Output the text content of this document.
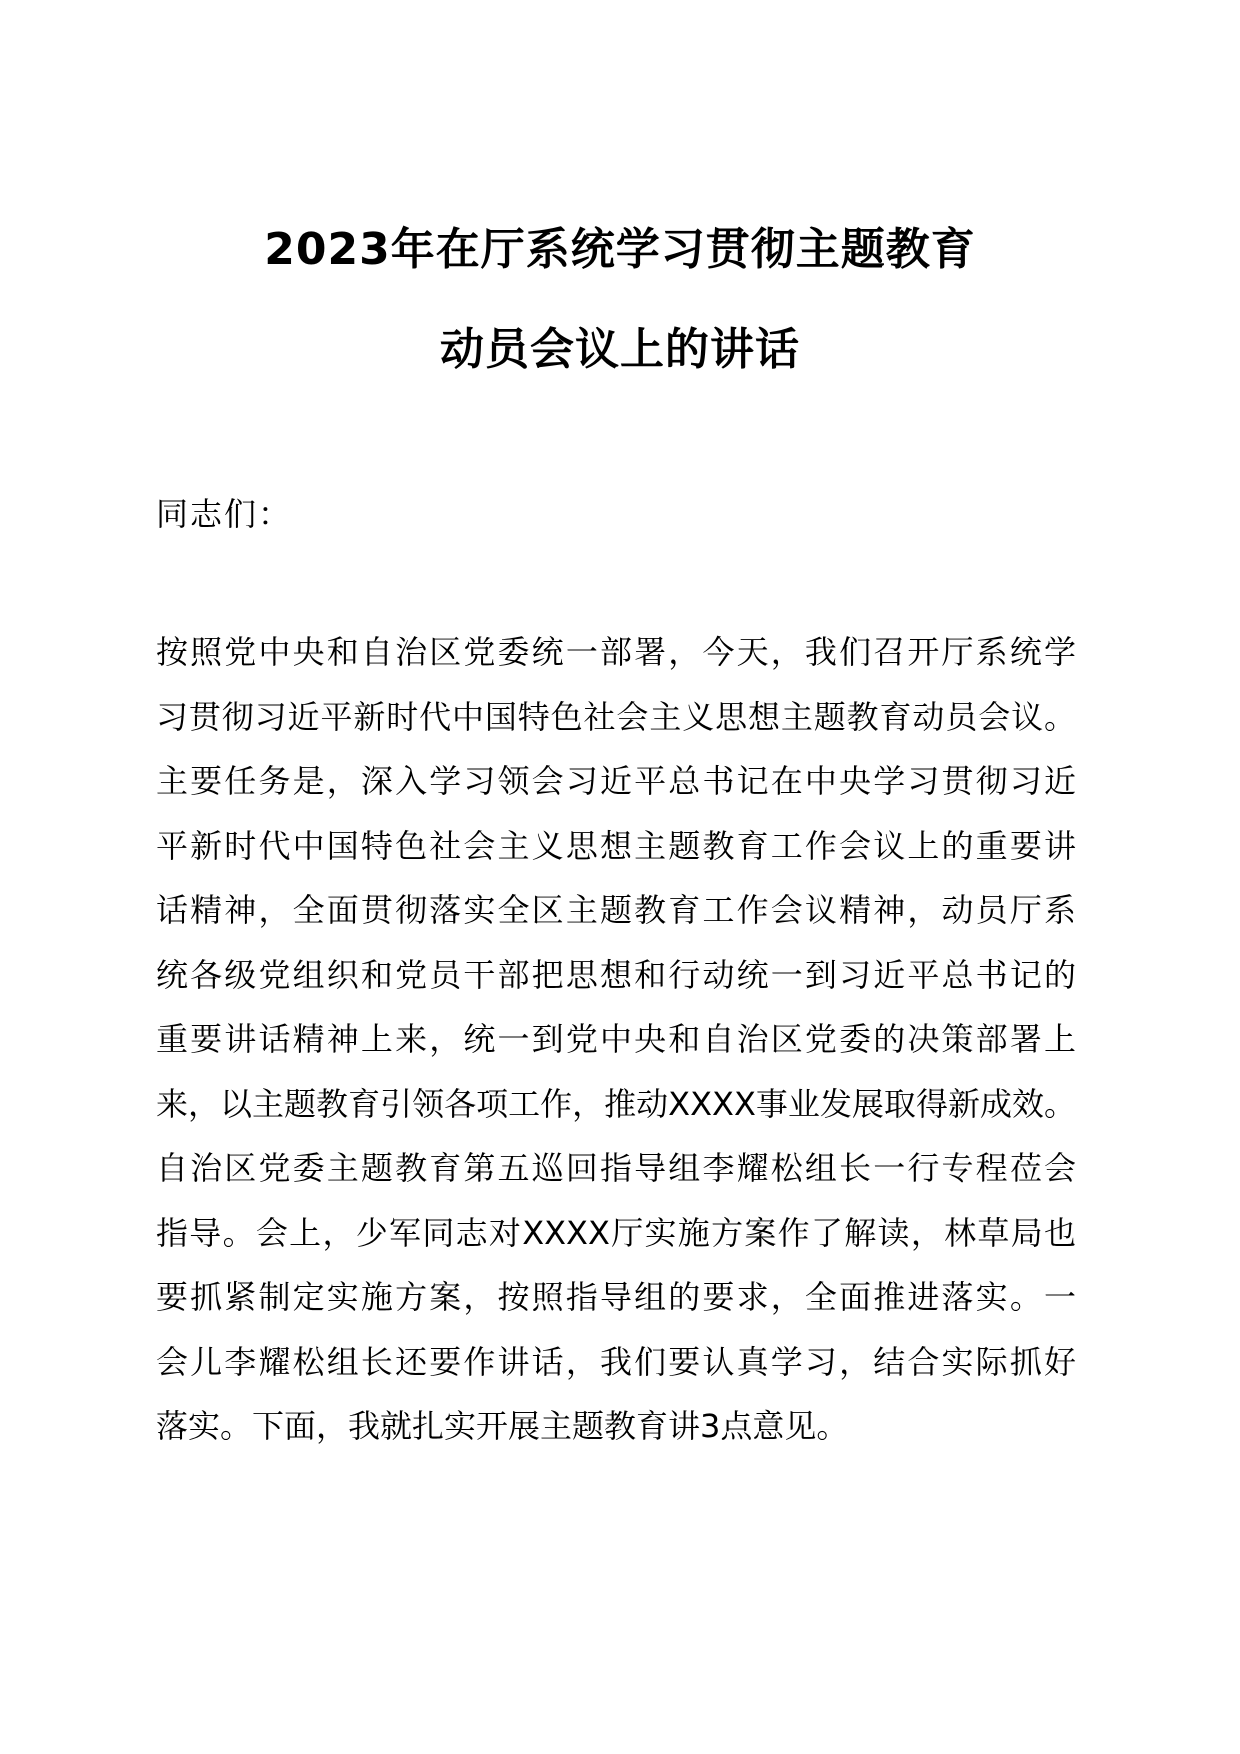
2023年在厅系统学习贯彻主题教育
动员会议上的讲话
同志们：
按照党中央和自治区党委统一部署，今天，我们召开厅系统学
习贯彻习近平新时代中国特色社会主义思想主题教育动员会议。
主要任务是，深入学习领会习近平总书记在中央学习贯彻习近
平新时代中国特色社会主义思想主题教育工作会议上的重要讲
话精神，全面贯彻落实全区主题教育工作会议精神，动员厅系
统各级党组织和党员干部把思想和行动统一到习近平总书记的
重要讲话精神上来，统一到党中央和自治区党委的决策部署上
来，以主题教育引领各项工作，推动XXXX事业发展取得新成效。
自治区党委主题教育第五巡回指导组李耀松组长一行专程莅会
指导。会上，少军同志对XXXX厅实施方案作了解读，林草局也
要抓紧制定实施方案，按照指导组的要求，全面推进落实。一
会儿李耀松组长还要作讲话，我们要认真学习，结合实际抓好
落实。下面，我就扎实开展主题教育讲3点意见。
